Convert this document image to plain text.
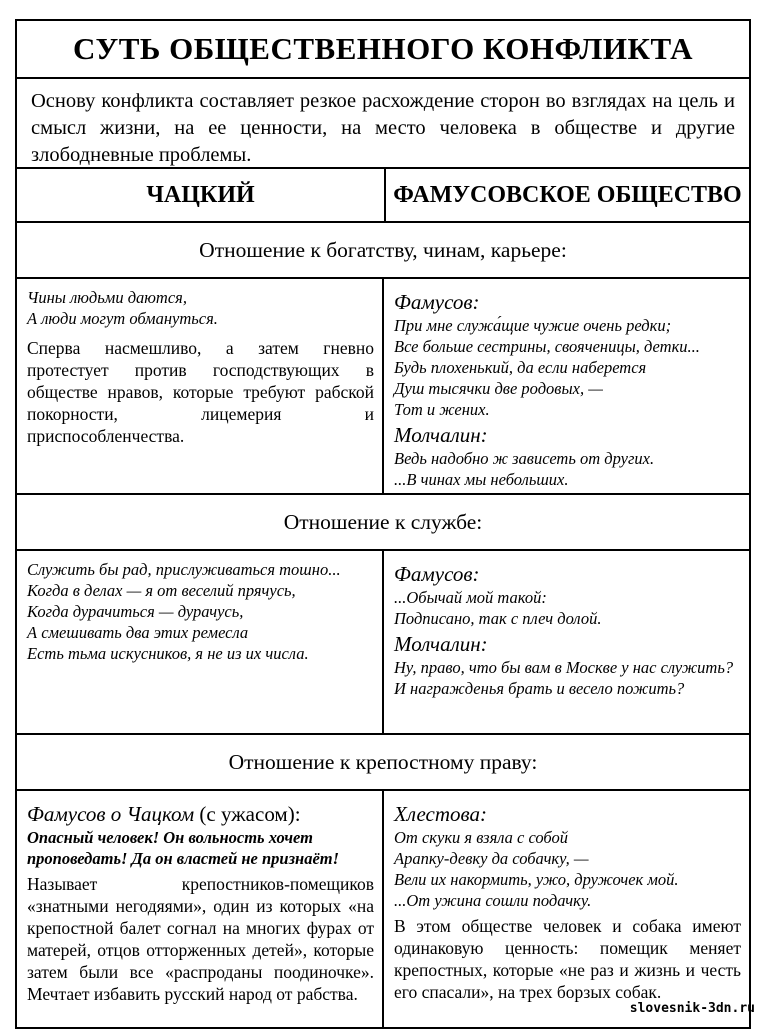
СУТЬ ОБЩЕСТВЕННОГО КОНФЛИКТА
Основу конфликта составляет резкое расхождение сторон во взглядах на цель и смысл жизни, на ее ценности, на место человека в обществе и другие злободневные проблемы.
ЧАЦКИЙ	ФАМУСОВСКОЕ ОБЩЕСТВО
Отношение к богатству, чинам, карьере:
Чины людьми даются,
А люди могут обмануться.
Сперва насмешливо, а затем гневно протестует против господствующих в обществе нравов, которые требуют рабской покорности, лицемерия и приспособленчества.
Фамусов:
При мне служа́щие чужие очень редки;
Все больше сестрины, свояченицы, детки...
Будь плохенький, да если наберется
Душ тысячки две родовых, —
Тот и жених.
Молчалин:
Ведь надобно ж зависеть от других.
...В чинах мы небольших.
Отношение к службе:
Служить бы рад, прислуживаться тошно...
Когда в делах — я от веселий прячусь,
Когда дурачиться — дурачусь,
А смешивать два этих ремесла
Есть тьма искусников, я не из их числа.
Фамусов:
...Обычай мой такой:
Подписано, так с плеч долой.
Молчалин:
Ну, право, что бы вам в Москве у нас служить?
И награжденья брать и весело пожить?
Отношение к крепостному праву:
Фамусов о Чацком (с ужасом):
Опасный человек! Он вольность хочет проповедать! Да он властей не признаёт!
Называет крепостников-помещиков «знатными негодяями», один из которых «на крепостной балет согнал на многих фурах от матерей, отцов отторженных детей», которые затем были все «распроданы поодиночке». Мечтает избавить русский народ от рабства.
Хлестова:
От скуки я взяла с собой
Арапку-девку да собачку, —
Вели их накормить, ужо, дружочек мой.
...От ужина сошли подачку.
В этом обществе человек и собака имеют одинаковую ценность: помещик меняет крепостных, которые «не раз и жизнь и честь его спасали», на трех борзых собак.
slovesnik-3dn.ru
